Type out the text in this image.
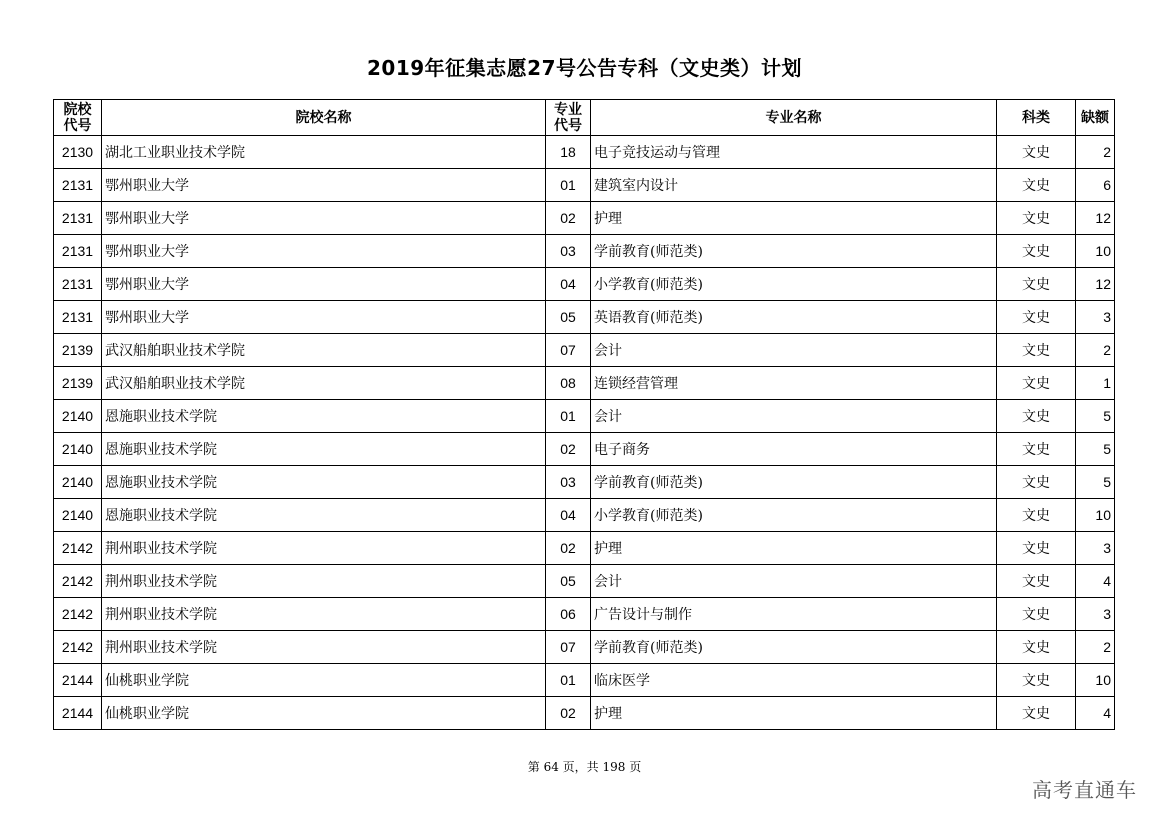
2019年征集志愿27号公告专科（文史类）计划
院校代号	院校名称	专业代号	专业名称	科类	缺额
2130	湖北工业职业技术学院	18	电子竞技运动与管理	文史	2
2131	鄂州职业大学	01	建筑室内设计	文史	6
2131	鄂州职业大学	02	护理	文史	12
2131	鄂州职业大学	03	学前教育(师范类)	文史	10
2131	鄂州职业大学	04	小学教育(师范类)	文史	12
2131	鄂州职业大学	05	英语教育(师范类)	文史	3
2139	武汉船舶职业技术学院	07	会计	文史	2
2139	武汉船舶职业技术学院	08	连锁经营管理	文史	1
2140	恩施职业技术学院	01	会计	文史	5
2140	恩施职业技术学院	02	电子商务	文史	5
2140	恩施职业技术学院	03	学前教育(师范类)	文史	5
2140	恩施职业技术学院	04	小学教育(师范类)	文史	10
2142	荆州职业技术学院	02	护理	文史	3
2142	荆州职业技术学院	05	会计	文史	4
2142	荆州职业技术学院	06	广告设计与制作	文史	3
2142	荆州职业技术学院	07	学前教育(师范类)	文史	2
2144	仙桃职业学院	01	临床医学	文史	10
2144	仙桃职业学院	02	护理	文史	4
第 64 页，共 198 页
高考直通车
